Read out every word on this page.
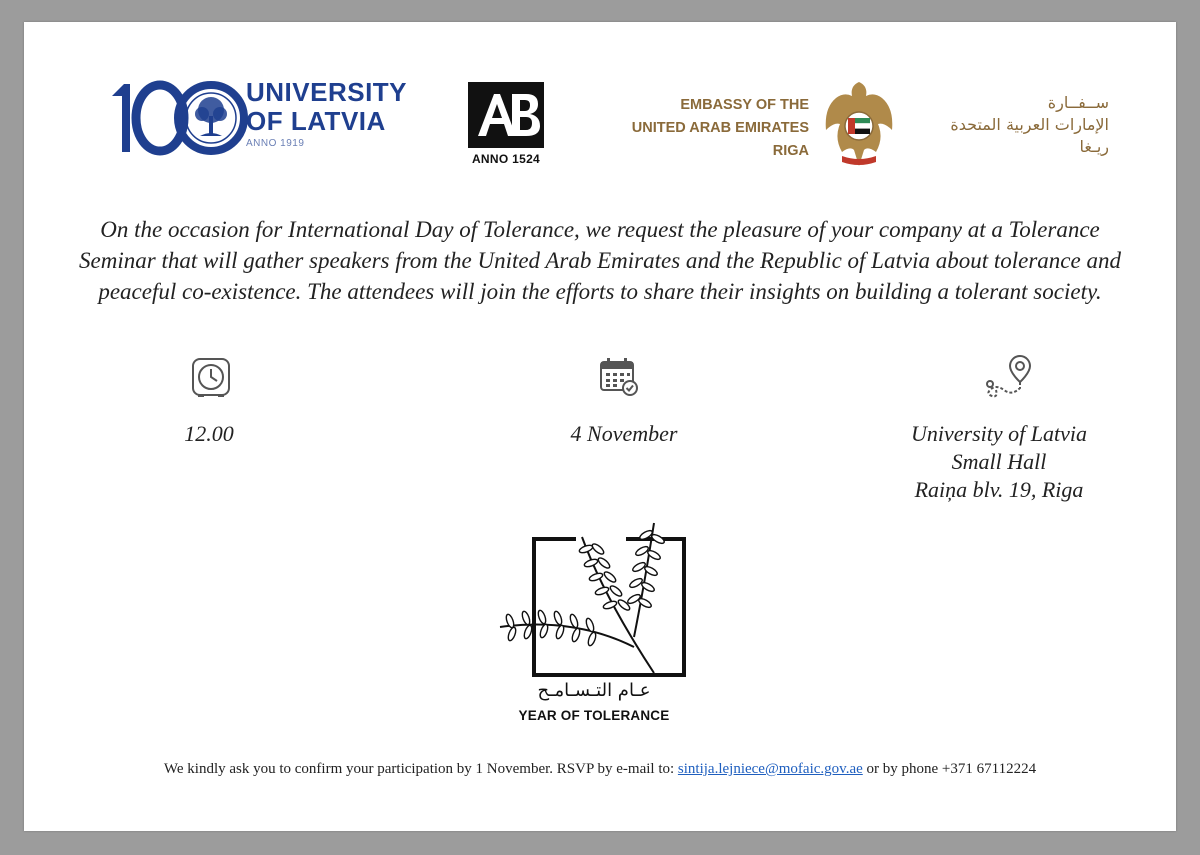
UNIVERSITY
OF LATVIA
ANNO 1919
ANNO 1524
EMBASSY OF THE
UNITED ARAB EMIRATES
RIGA
ســفــارة
الإمارات العربية المتحدة
ريـغا
On the occasion for International Day of Tolerance, we request the pleasure of your company at a Tolerance Seminar that will gather speakers from the United Arab Emirates and the Republic of Latvia about tolerance and peaceful co-existence. The attendees will join the efforts to share their insights on building a tolerant society.
12.00	4 November	University of Latvia
Small Hall
Raiņa blv. 19, Riga
عـام التـسـامـح
YEAR OF TOLERANCE
We kindly ask you to confirm your participation by 1 November. RSVP by e-mail to: sintija.lejniece@mofaic.gov.ae or by phone +371 67112224
